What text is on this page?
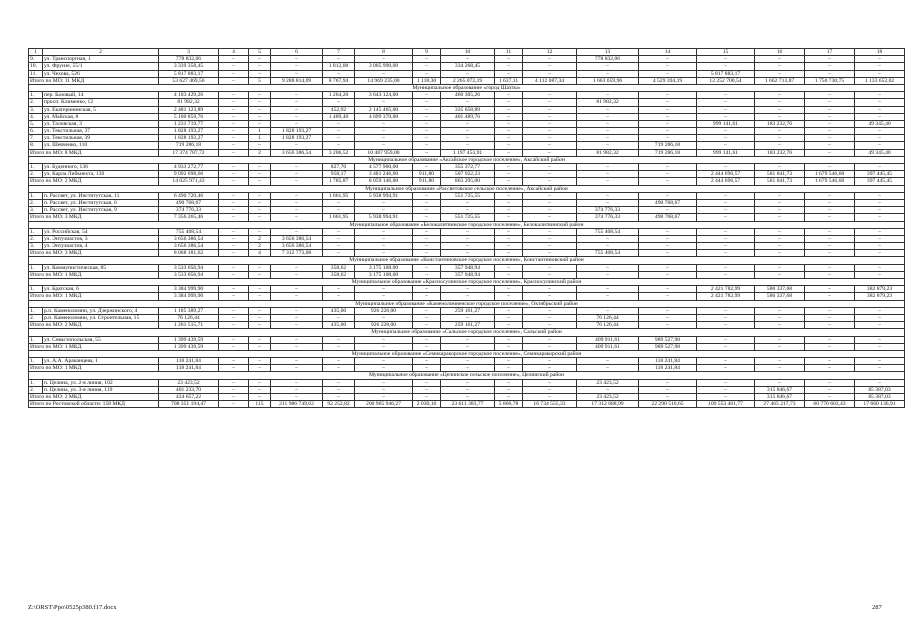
1	2	3	4	5	6	7	8	9	10	11	12	13	14	15	16	17	18
9.	ул. Транспортная, 1	778 832,06	–	–	–	–	–	–	–	–	–	778 832,06	–	–	–	–	–
10.	ул. Фрунзе, 55/1	3 339 358,45	–	–	–	1 812,00	3 005 990,00	–	334 268,45	–	–	–	–	–	–	–	–
11.	ул. Чехова, 526	5 817 883,17	–	–	–	–	–	–	–	–	–	–	–	5 817 883,17	–	–	–
Итого по МО: 11 МКД		53 627 469,56	–	5	9 288 814,09	8 767,94	14 969 235,00	1 118,30	2 265 072,19	1 637,11	4 112 087,34	1 663 059,96	4 529 394,19	12 252 700,54	1 662 713,87	1 750 730,75	1 133 652,02
Муниципальное образование «город Шахты»																	
1.	пер. Базовый, 14	4 103 429,26	–	–	–	1 264,20	3 643 124,00	–	460 305,26	–	–	–	–	–	–	–	–
2.	просп. Клименко, 12	81 982,32	–	–	–	–	–	–	–	–	–	81 982,32	–	–	–	–	–
3.	ул. Екатерининская, 5	2 481 123,89	–	–	–	452,92	2 145 465,00	–	335 658,89	–	–	–	–	–	–	–	–
4.	ул. Майская, 8	5 100 859,76	–	–	–	1 489,40	4 699 370,00	–	401 489,76	–	–	–	–	–	–	–	–
5.	ул. Таловская, 3	1 231 719,77	–	–	–	–	–	–	–	–	–	–	–	999 141,61	183 232,76	–	49 345,40
6.	ул. Текстильная, 37	1 828 193,27	–	1	1 828 193,27	–	–	–	–	–	–	–	–	–	–	–	–
7.	ул. Текстильная, 39	1 828 193,27	–	1	1 828 193,27	–	–	–	–	–	–	–	–	–	–	–	–
8.	ул. Шевченко, 110	719 286,18	–	–	–	–	–	–	–	–	–	–	719 286,18	–	–	–	–
Итого по МО: 8 МКД		17 374 787,72	–	2	3 656 386,54	3 206,52	10 487 959,00	–	1 197 453,91	–	–	81 982,32	719 286,18	999 141,61	183 232,76	–	49 345,40
Муниципальное образование «Аксайское городское поселение», Аксайский район																	
1.	ул. Буденного, 136	4 933 272,77	–	–	–	827,70	4 577 900,00	–	355 372,77	–	–	–	–	–	–	–	–
2.	ул. Карла Либкнехта, 130	9 092 698,66	–	–	–	958,17	3 481 246,00	911,80	507 922,23	–	–	–	–	2 444 696,57	581 841,73	1 679 546,68	397 445,45
Итого по МО: 2 МКД		14 025 971,43	–	–	–	1 785,87	8 059 146,00	911,80	863 295,00	–	–	–	–	2 444 696,57	581 841,73	1 679 546,68	397 445,45
Муниципальное образование «Рассветовское сельское поселение», Аксайский район																	
1.	п. Рассвет, ул. Институтская, 11	6 490 720,46	–	–	–	1 661,95	5 938 994,91	–	551 725,55	–	–	–	–	–	–	–	–
2.	п. Рассвет, ул. Институтская, 6	490 768,67	–	–	–	–	–	–	–	–	–	–	490 768,67	–	–	–	–
3.	п. Рассвет, ул. Институтская, 9	374 776,33	–	–	–	–	–	–	–	–	–	374 776,33	–	–	–	–	–
Итого по МО: 3 МКД		7 356 265,46	–	–	–	1 661,95	5 938 994,91	–	551 725,55	–	–	374 776,33	490 768,67	–	–	–	–
Муниципальное образование «Белокалитвинское городское поселение», Белокалитвинский район																	
1.	ул. Российская, 54	755 408,54	–	–	–	–	–	–	–	–	–	755 408,54	–	–	–	–	–
2.	ул. Энтузиастов, 3	3 656 386,54	–	2	3 656 386,54	–	–	–	–	–	–	–	–	–	–	–	–
3.	ул. Энтузиастов, 4	3 656 386,54	–	2	3 656 386,54	–	–	–	–	–	–	–	–	–	–	–	–
Итого по МО: 3 МКД		8 068 181,62	–	4	7 312 773,08	–	–	–	–	–	–	755 408,54	–	–	–	–	–
Муниципальное образование «Константиновское городское поселение», Константиновский район																	
1.	ул. Коммунистическая, 85	3 533 056,94	–	–	–	358,62	3 175 108,00	–	357 948,94	–	–	–	–	–	–	–	–
Итого по МО: 1 МКД		3 533 056,94	–	–	–	358,62	3 175 108,00	–	357 948,94	–	–	–	–	–	–	–	–
Муниципальное образование «Красносулинское городское поселение», Красносулинский район																	
1.	ул. Братская, 6	3 384 999,90	–	–	–	–	–	–	–	–	–	–	–	2 421 782,99	580 337,68	–	382 879,23
Итого по МО: 1 МКД		3 384 999,90	–	–	–	–	–	–	–	–	–	–	–	2 421 782,99	580 337,68	–	382 879,23
Муниципальное образование «Каменоломненское городское поселение», Октябрьский район																	
1.	р.п. Каменоломни, ул. Дзержинского, 4	1 185 389,27	–	–	–	435,00	926 228,00	–	259 161,27	–	–	–	–	–	–	–	–
2.	р.п. Каменоломни, ул. Строительная, 15	76 126,44	–	–	–	–	–	–	–	–	–	76 126,44	–	–	–	–	–
Итого по МО: 2 МКД		1 261 515,71	–	–	–	435,00	926 228,00	–	259 161,27	–	–	76 126,44	–	–	–	–	–
Муниципальное образование «Сальское городское поселение», Сальский район																	
1.	ул. Севастопольская, 55	1 399 439,59	–	–	–	–	–	–	–	–	–	409 911,61	989 527,98	–	–	–	–
Итого по МО: 1 МКД		1 399 439,59	–	–	–	–	–	–	–	–	–	409 911,61	989 527,98	–	–	–	–
Муниципальное образование «Семикаракорское городское поселение», Семикаракорский район																	
1.	ул. А.А. Араканцева, 1	118 241,84	–	–	–	–	–	–	–	–	–	–	118 241,84	–	–	–	–
Итого по МО: 1 МКД		118 241,84	–	–	–	–	–	–	–	–	–	–	118 241,84	–	–	–	–
Муниципальное образование «Целинское сельское поселение», Целинский район																	
1.	п. Целина, ул. 2-я линия, 102	23 423,52	–	–	–	–	–	–	–	–	–	23 423,52	–	–	–	–	–
2.	п. Целина, ул. 3-я линия, 119	401 233,70	–	–	–	–	–	–	–	–	–	–	–	–	315 846,67	–	85 387,03
Итого по МО: 2 МКД		424 657,22	–	–	–	–	–	–	–	–	–	23 423,52	–	–	315 846,67	–	85 387,03
Итого по Ростовской области: 158 МКД		708 351 194,47	–	115	211 986 749,62	92 252,82	200 965 946,27	2 030,10	23 611 383,77	5 866,78	16 734 555,33	17 312 688,99	22 290 510,65	109 553 401,77	27 465 217,73	60 770 603,43	17 660 136,91
Z:\ORST\Ppo\0525p380.f17.docx	287
